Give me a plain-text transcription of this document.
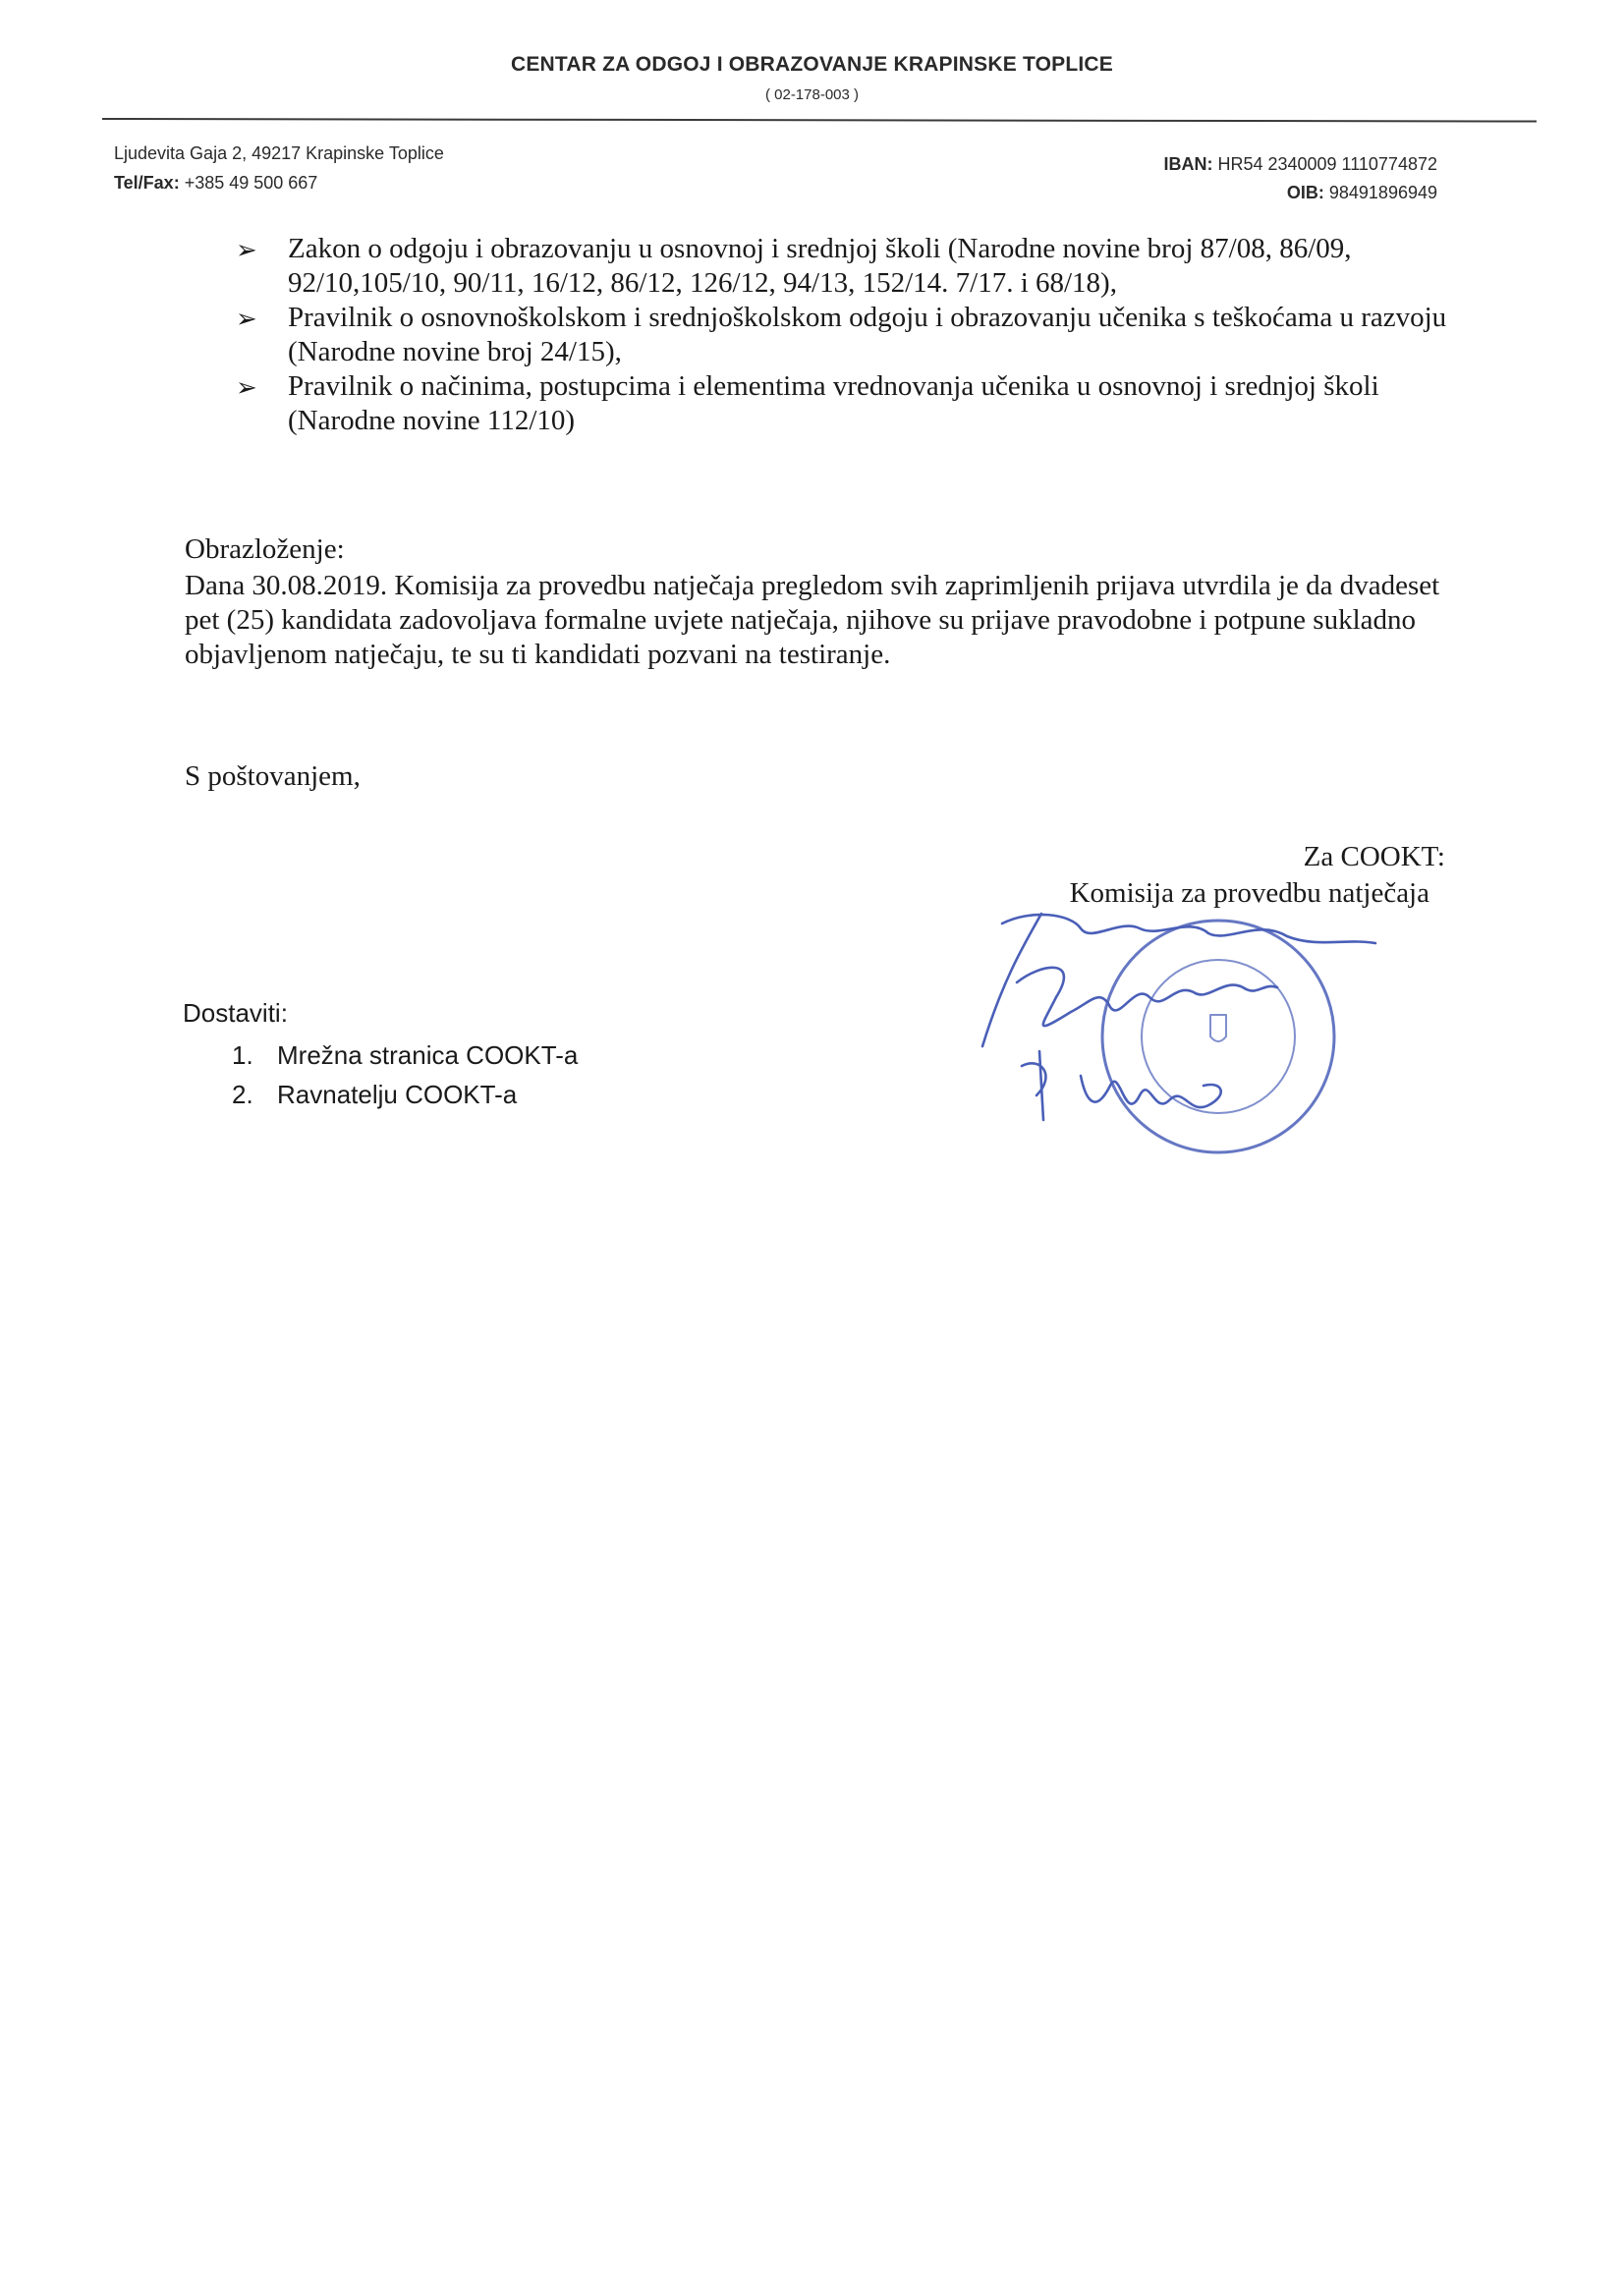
CENTAR ZA ODGOJ I OBRAZOVANJE KRAPINSKE TOPLICE
( 02-178-003 )
Ljudevita Gaja 2, 49217 Krapinske Toplice
Tel/Fax: +385 49 500 667
IBAN: HR54 2340009 1110774872
OIB: 98491896949
➢ Zakon o odgoju i obrazovanju u osnovnoj i srednjoj školi (Narodne novine broj 87/08, 86/09, 92/10,105/10, 90/11, 16/12, 86/12, 126/12, 94/13, 152/14. 7/17. i 68/18),
➢ Pravilnik o osnovnoškolskom i srednjoškolskom odgoju i obrazovanju učenika s teškoćama u razvoju (Narodne novine broj 24/15),
➢ Pravilnik o načinima, postupcima i elementima vrednovanja učenika u osnovnoj i srednjoj školi (Narodne novine 112/10)
Obrazloženje:
Dana 30.08.2019. Komisija za provedbu natječaja pregledom svih zaprimljenih prijava utvrdila je da dvadeset pet (25) kandidata zadovoljava formalne uvjete natječaja, njihove su prijave pravodobne i potpune sukladno objavljenom natječaju, te su ti kandidati pozvani na testiranje.
S poštovanjem,
Za COOKT:
Komisija za provedbu natječaja
Dostaviti:
1. Mrežna stranica COOKT-a
2. Ravnatelju COOKT-a
